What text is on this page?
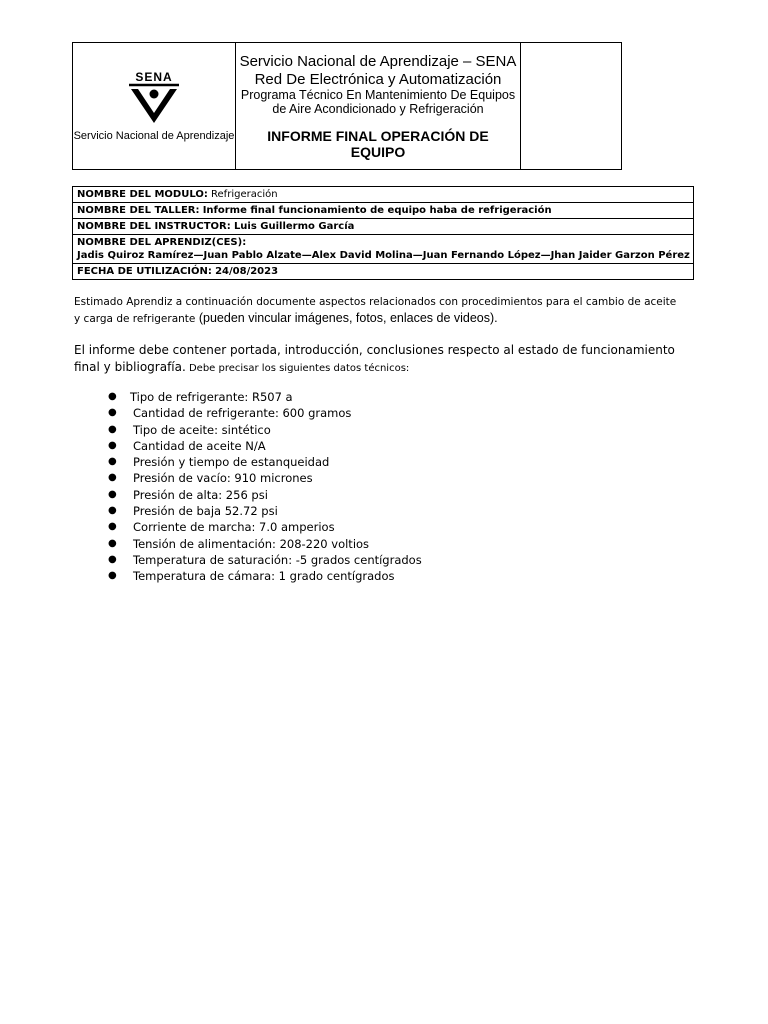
SENA
Servicio Nacional de Aprendizaje

Servicio Nacional de Aprendizaje – SENA
Red De Electrónica y Automatización
Programa Técnico En Mantenimiento De Equipos de Aire Acondicionado y Refrigeración
INFORME FINAL OPERACIÓN DE EQUIPO

NOMBRE DEL MODULO: Refrigeración
NOMBRE DEL TALLER: Informe final funcionamiento de equipo haba de refrigeración
NOMBRE DEL INSTRUCTOR: Luis Guillermo García
NOMBRE DEL APRENDIZ(CES):
Jadis Quiroz Ramírez—Juan Pablo Alzate—Alex David Molina—Juan Fernando López—Jhan Jaider Garzon Pérez
FECHA DE UTILIZACIÓN: 24/08/2023
Estimado Aprendiz a continuación documente aspectos relacionados con procedimientos para el cambio de aceite y carga de refrigerante (pueden vincular imágenes, fotos, enlaces de videos).
El informe debe contener portada, introducción, conclusiones respecto al estado de funcionamiento final y bibliografía. Debe precisar los siguientes datos técnicos:
●	Tipo de refrigerante: R507 a
●	Cantidad de refrigerante: 600 gramos
●	Tipo de aceite: sintético
●	Cantidad de aceite N/A
●	Presión y tiempo de estanqueidad
●	Presión de vacío: 910 micrones
●	Presión de alta: 256 psi
●	Presión de baja 52.72 psi
●	Corriente de marcha: 7.0 amperios
●	Tensión de alimentación: 208-220 voltios
●	Temperatura de saturación: -5 grados centígrados
●	Temperatura de cámara: 1 grado centígrados
